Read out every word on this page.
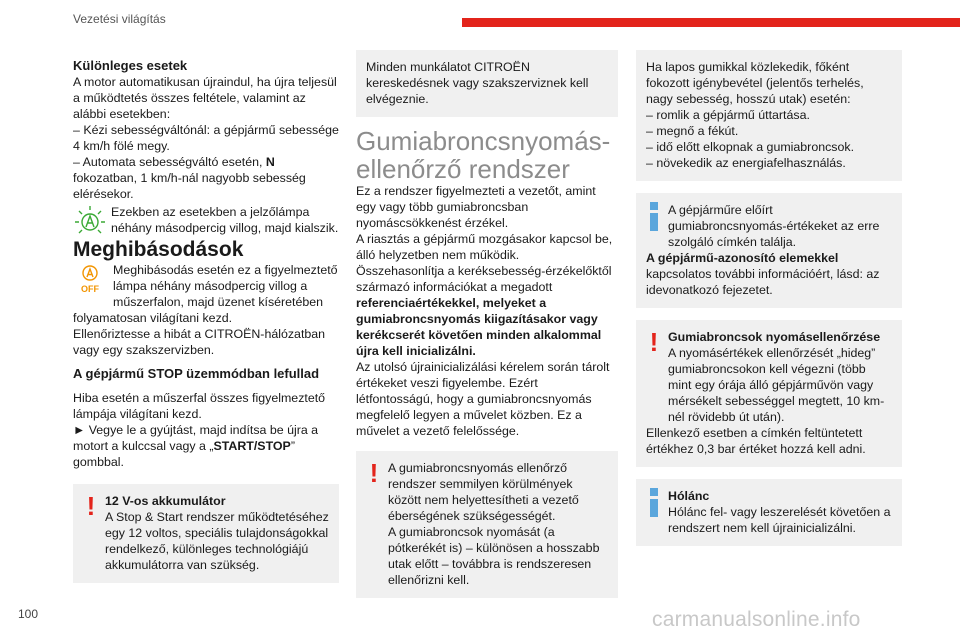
Vezetési világítás

Különleges esetek

A motor automatikusan újraindul, ha újra teljesül a működtetés összes feltétele, valamint az alábbi esetekben:

– Kézi sebességváltónál: a gépjármű sebessége 4 km/h fölé megy.

– Automata sebességváltó esetén, N fokozatban, 1 km/h-nál nagyobb sebesség elérésekor.

Ezekben az esetekben a jelzőlámpa néhány másodpercig villog, majd kialszik.

Meghibásodások

OFF
Meghibásodás esetén ez a figyelmeztető lámpa néhány másodpercig villog a műszerfalon, majd üzenet kíséretében folyamatosan világítani kezd.

Ellenőriztesse a hibát a CITROËN-hálózatban vagy egy szakszervizben.

A gépjármű STOP üzemmódban lefullad

Hiba esetén a műszerfal összes figyelmeztető lámpája világítani kezd.

► Vegye le a gyújtást, majd indítsa be újra a motort a kulccsal vagy a „START/STOP” gombbal.

! 12 V-os akkumulátor
A Stop & Start rendszer működtetéséhez egy 12 voltos, speciális tulajdonságokkal rendelkező, különleges technológiájú akkumulátorra van szükség.
Minden munkálatot CITROËN kereskedésnek vagy szakszerviznek kell elvégeznie.

Gumiabroncsnyomás-ellenőrző rendszer

Ez a rendszer figyelmezteti a vezetőt, amint egy vagy több gumiabroncsban nyomáscsökkenést érzékel.

A riasztás a gépjármű mozgásakor kapcsol be, álló helyzetben nem működik.

Összehasonlítja a keréksebesség-érzékelőktől származó információkat a megadott referenciaértékekkel, melyeket a gumiabroncsnyomás kiigazításakor vagy kerékcserét követően minden alkalommal újra kell inicializálni.

Az utolsó újrainicializálási kérelem során tárolt értékeket veszi figyelembe. Ezért létfontosságú, hogy a gumiabroncsnyomás megfelelő legyen a művelet közben. Ez a művelet a vezető felelőssége.

! A gumiabroncsnyomás ellenőrző rendszer semmilyen körülmények között nem helyettesítheti a vezető éberségének szükségességét.
A gumiabroncsok nyomását (a pótkerékét is) – különösen a hosszabb utak előtt – továbbra is rendszeresen ellenőrizni kell.

Ha lapos gumikkal közlekedik, főként fokozott igénybevétel (jelentős terhelés, nagy sebesség, hosszú utak) esetén:

– romlik a gépjármű úttartása.

– megnő a fékút.

– idő előtt elkopnak a gumiabroncsok.

– növekedik az energiafelhasználás.

A gépjárműre előírt gumiabroncsnyomás-értékeket az erre szolgáló címkén találja.
A gépjármű-azonosító elemekkel
kapcsolatos további információért, lásd: az idevonatkozó fejezetet.
! Gumiabroncsok nyomásellenőrzése
A nyomásértékek ellenőrzését „hideg” gumiabroncsokon kell végezni (több mint egy órája álló gépjárművön vagy mérsékelt sebességgel megtett, 10 km-nél rövidebb út után).
Ellenkező esetben a címkén feltüntetett értékhez 0,3 bar értéket hozzá kell adni.
Hólánc
Hólánc fel- vagy leszerelését követően a rendszert nem kell újrainicializálni.
100	carmanualsonline.info
